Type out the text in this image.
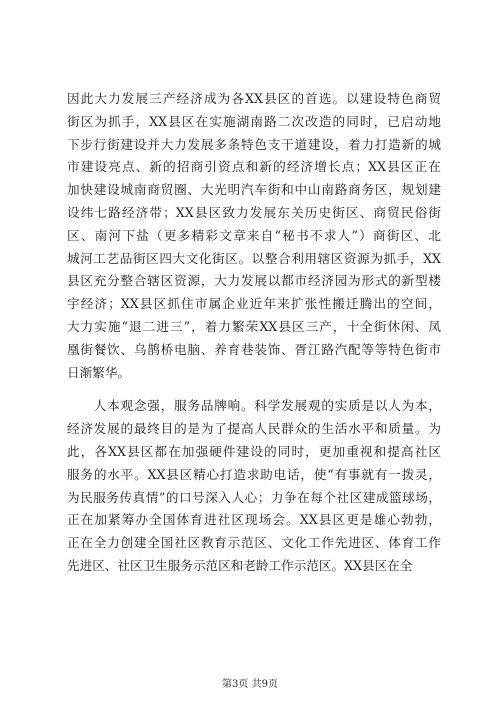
因此大力发展三产经济成为各XX县区的首选。以建设特色商贸
街区为抓手，XX县区在实施湖南路二次改造的同时，已启动地
下步行街建设并大力发展多条特色支干道建设，着力打造新的城
市建设亮点、新的招商引资点和新的经济增长点；XX县区正在
加快建设城南商贸圈、大光明汽车街和中山南路商务区，规划建
设纬七路经济带；XX县区致力发展东关历史街区、商贸民俗街
区、南河下盐（更多精彩文章来自“秘书不求人”）商街区、北
城河工艺品街区四大文化街区。以整合利用辖区资源为抓手，XX
县区充分整合辖区资源，大力发展以都市经济园为形式的新型楼
宇经济；XX县区抓住市属企业近年来扩张性搬迁腾出的空间，
大力实施“退二进三”，着力繁荣XX县区三产，十全街休闲、凤
凰街餐饮、乌鹊桥电脑、养育巷装饰、胥江路汽配等等特色街市
日渐繁华。
　　人本观念强，服务品牌响。科学发展观的实质是以人为本，
经济发展的最终目的是为了提高人民群众的生活水平和质量。为
此，各XX县区都在加强硬件建设的同时，更加重视和提高社区
服务的水平。XX县区精心打造求助电话，使“有事就有一拨灵，
为民服务传真情”的口号深入人心；力争在每个社区建成篮球场，
正在加紧筹办全国体育进社区现场会。XX县区更是雄心勃勃，
正在全力创建全国社区教育示范区、文化工作先进区、体育工作
先进区、社区卫生服务示范区和老龄工作示范区。XX县区在全
第3页 共9页
